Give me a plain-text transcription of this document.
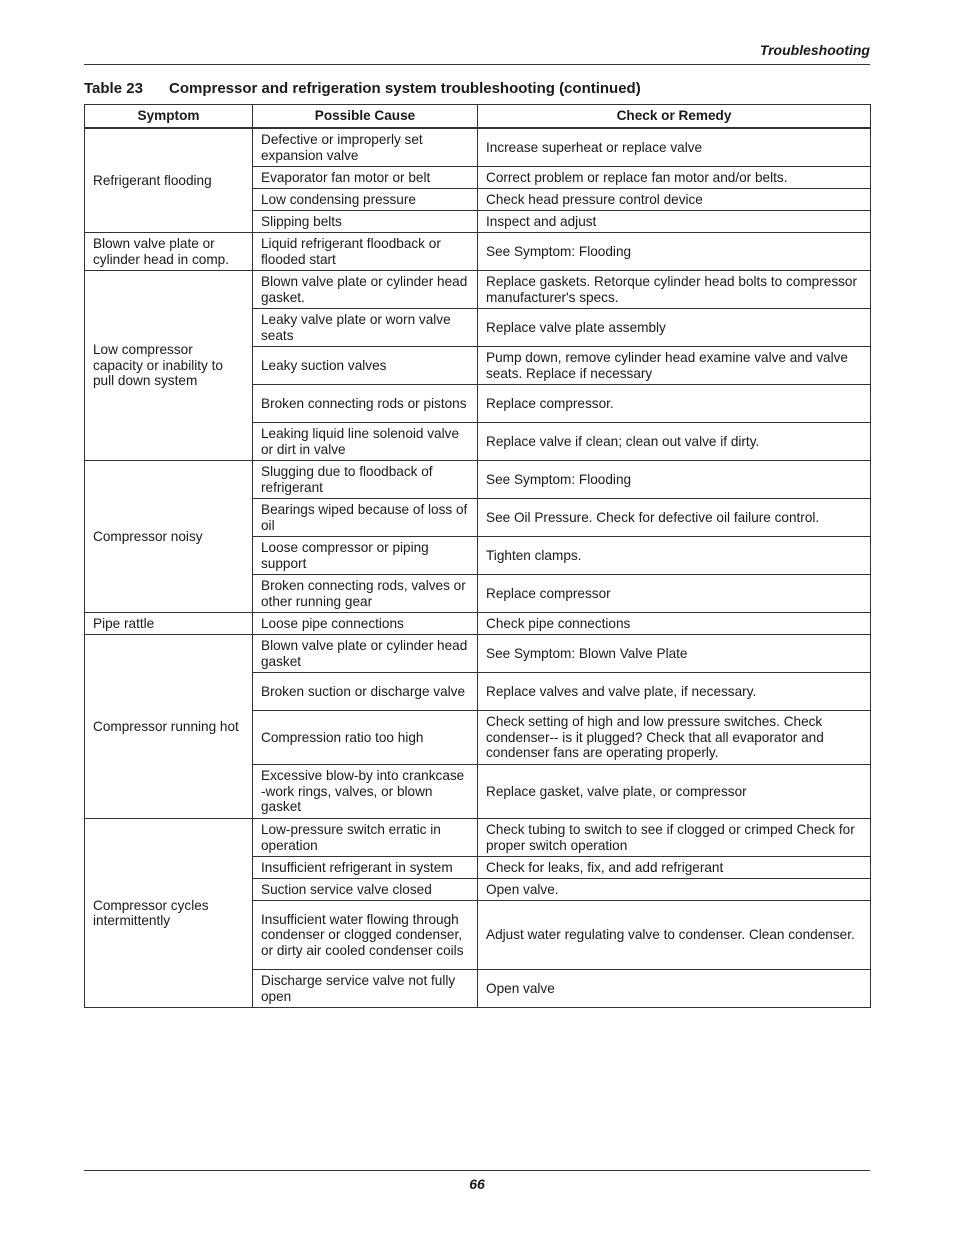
Troubleshooting
Table 23 Compressor and refrigeration system troubleshooting (continued)
Symptom	Possible Cause	Check or Remedy
Refrigerant flooding	Defective or improperly set expansion valve	Increase superheat or replace valve
	Evaporator fan motor or belt	Correct problem or replace fan motor and/or belts.
	Low condensing pressure	Check head pressure control device
	Slipping belts	Inspect and adjust
Blown valve plate or cylinder head in comp.	Liquid refrigerant floodback or flooded start	See Symptom: Flooding
Low compressor capacity or inability to pull down system	Blown valve plate or cylinder head gasket.	Replace gaskets. Retorque cylinder head bolts to compressor manufacturer's specs.
	Leaky valve plate or worn valve seats	Replace valve plate assembly
	Leaky suction valves	Pump down, remove cylinder head examine valve and valve seats. Replace if necessary
	Broken connecting rods or pistons	Replace compressor.
	Leaking liquid line solenoid valve or dirt in valve	Replace valve if clean; clean out valve if dirty.
Compressor noisy	Slugging due to floodback of refrigerant	See Symptom: Flooding
	Bearings wiped because of loss of oil	See Oil Pressure. Check for defective oil failure control.
	Loose compressor or piping support	Tighten clamps.
	Broken connecting rods, valves or other running gear	Replace compressor
Pipe rattle	Loose pipe connections	Check pipe connections
Compressor running hot	Blown valve plate or cylinder head gasket	See Symptom: Blown Valve Plate
	Broken suction or discharge valve	Replace valves and valve plate, if necessary.
	Compression ratio too high	Check setting of high and low pressure switches. Check condenser-- is it plugged? Check that all evaporator and condenser fans are operating properly.
	Excessive blow-by into crankcase -work rings, valves, or blown gasket	Replace gasket, valve plate, or compressor
Compressor cycles intermittently	Low-pressure switch erratic in operation	Check tubing to switch to see if clogged or crimped Check for proper switch operation
	Insufficient refrigerant in system	Check for leaks, fix, and add refrigerant
	Suction service valve closed	Open valve.
	Insufficient water flowing through condenser or clogged condenser, or dirty air cooled condenser coils	Adjust water regulating valve to condenser. Clean condenser.
	Discharge service valve not fully open	Open valve
66
